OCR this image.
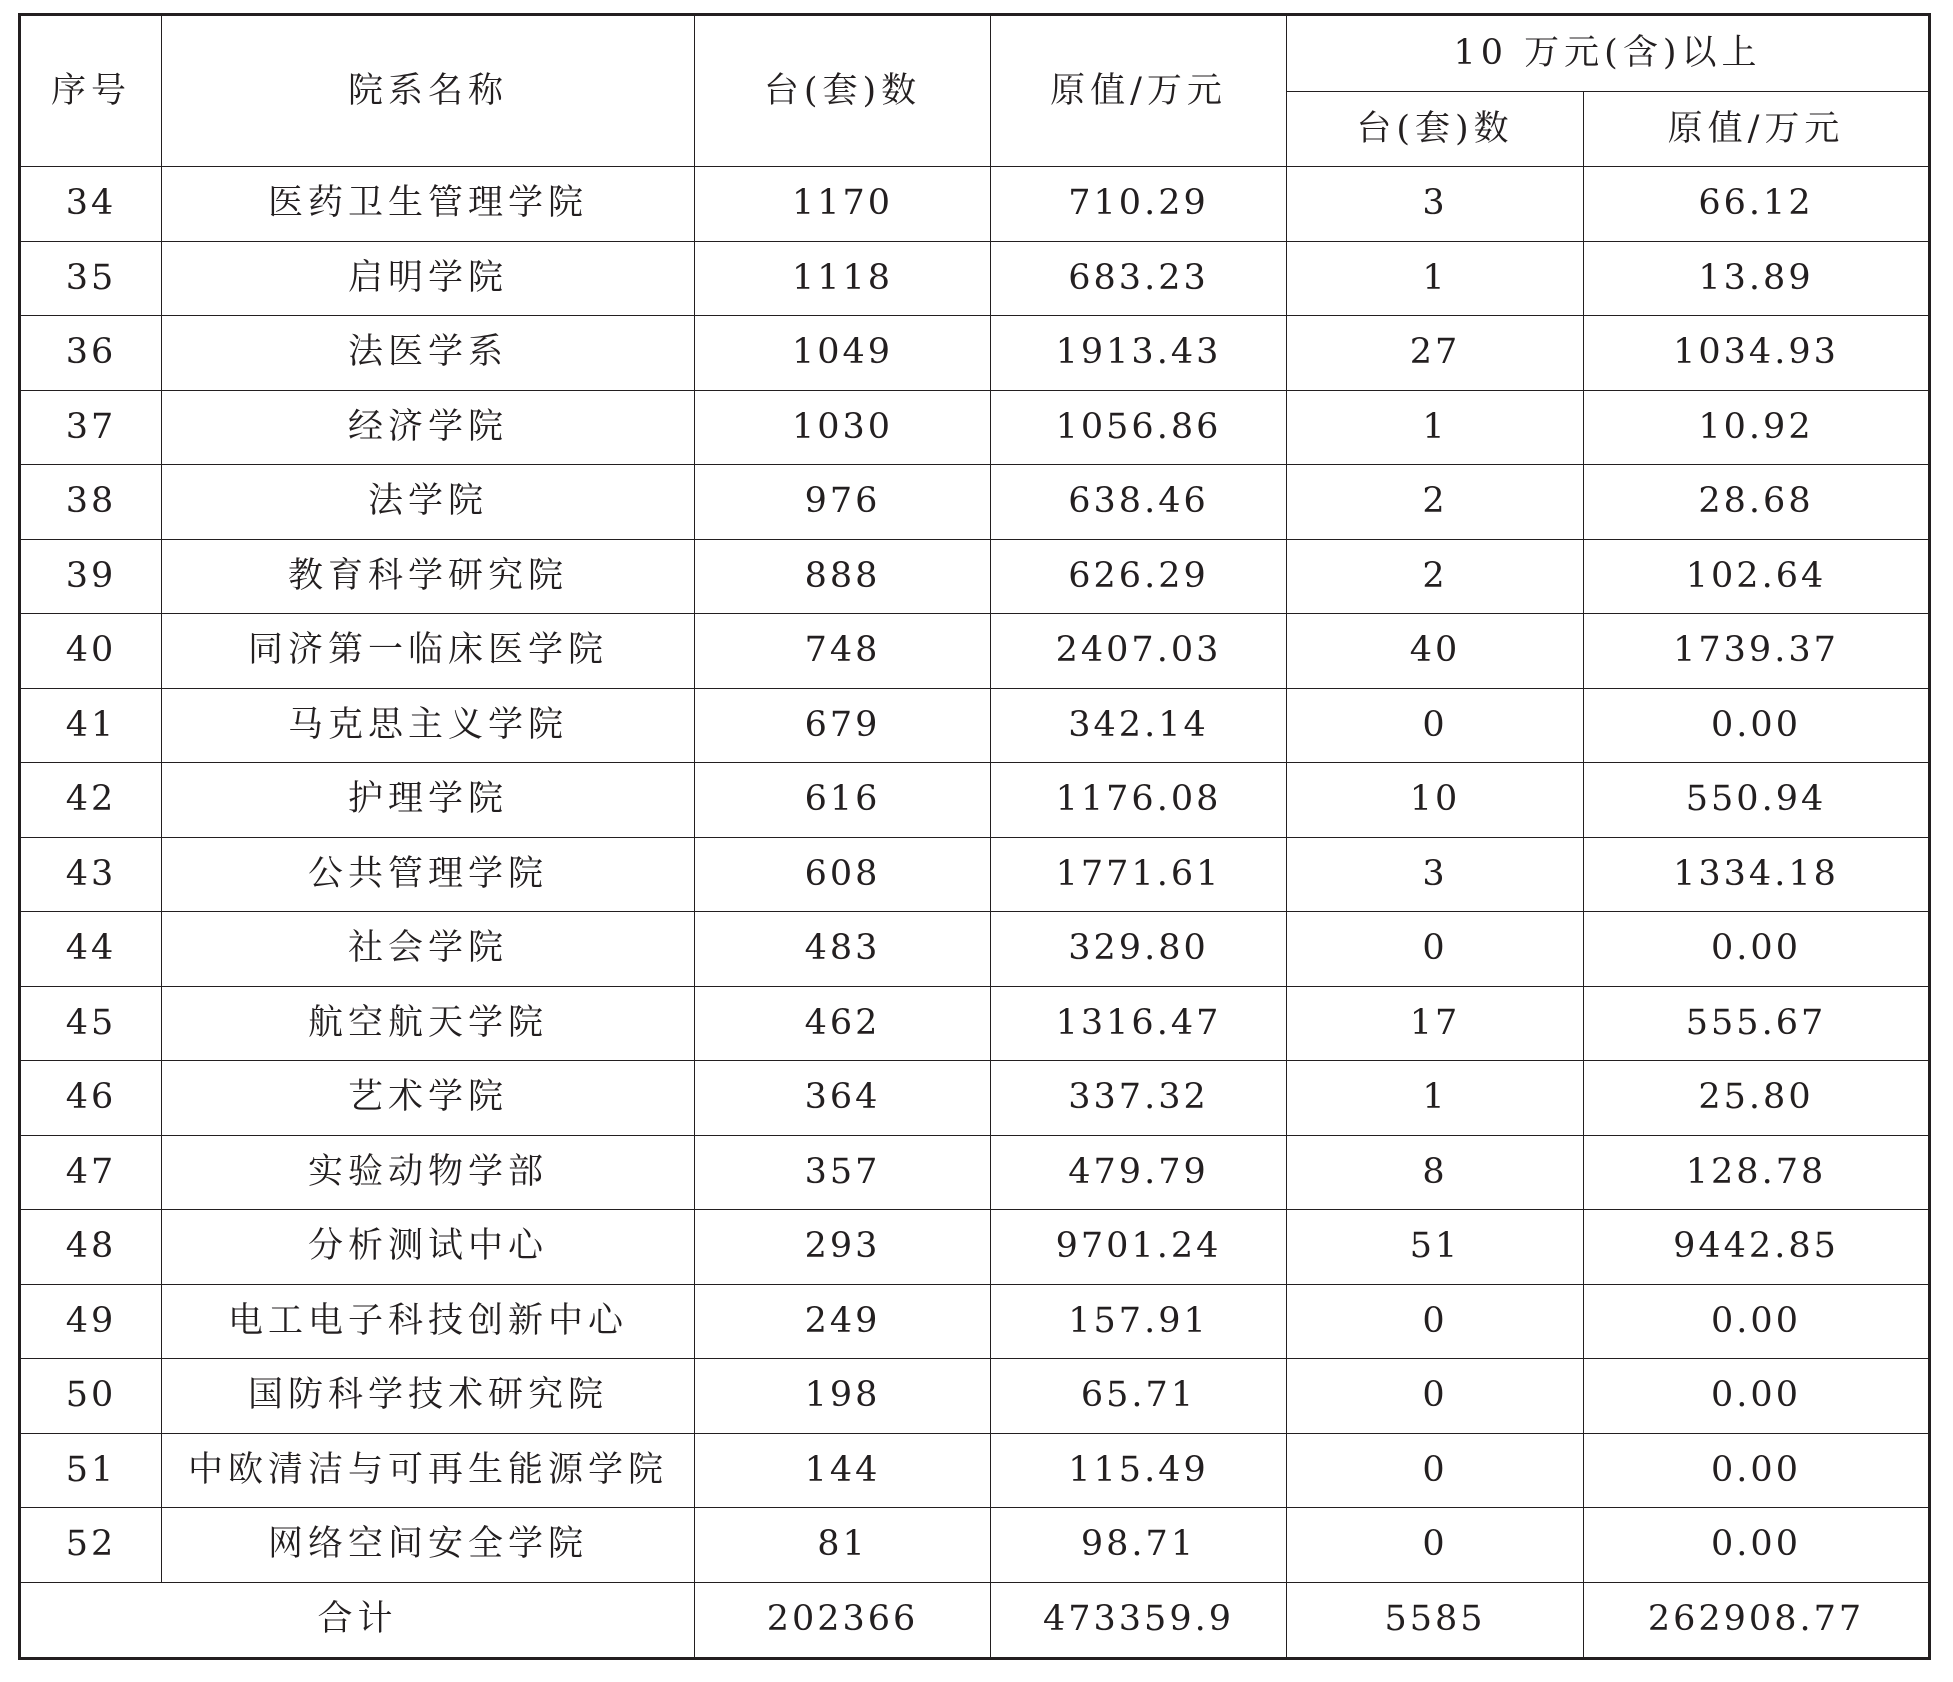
序号	院系名称	台(套)数	原值/万元	10 万元(含)以上	
				台(套)数	原值/万元
34	医药卫生管理学院	1170	710.29	3	66.12
35	启明学院	1118	683.23	1	13.89
36	法医学系	1049	1913.43	27	1034.93
37	经济学院	1030	1056.86	1	10.92
38	法学院	976	638.46	2	28.68
39	教育科学研究院	888	626.29	2	102.64
40	同济第一临床医学院	748	2407.03	40	1739.37
41	马克思主义学院	679	342.14	0	0.00
42	护理学院	616	1176.08	10	550.94
43	公共管理学院	608	1771.61	3	1334.18
44	社会学院	483	329.80	0	0.00
45	航空航天学院	462	1316.47	17	555.67
46	艺术学院	364	337.32	1	25.80
47	实验动物学部	357	479.79	8	128.78
48	分析测试中心	293	9701.24	51	9442.85
49	电工电子科技创新中心	249	157.91	0	0.00
50	国防科学技术研究院	198	65.71	0	0.00
51	中欧清洁与可再生能源学院	144	115.49	0	0.00
52	网络空间安全学院	81	98.71	0	0.00
合计		202366	473359.9	5585	262908.77
